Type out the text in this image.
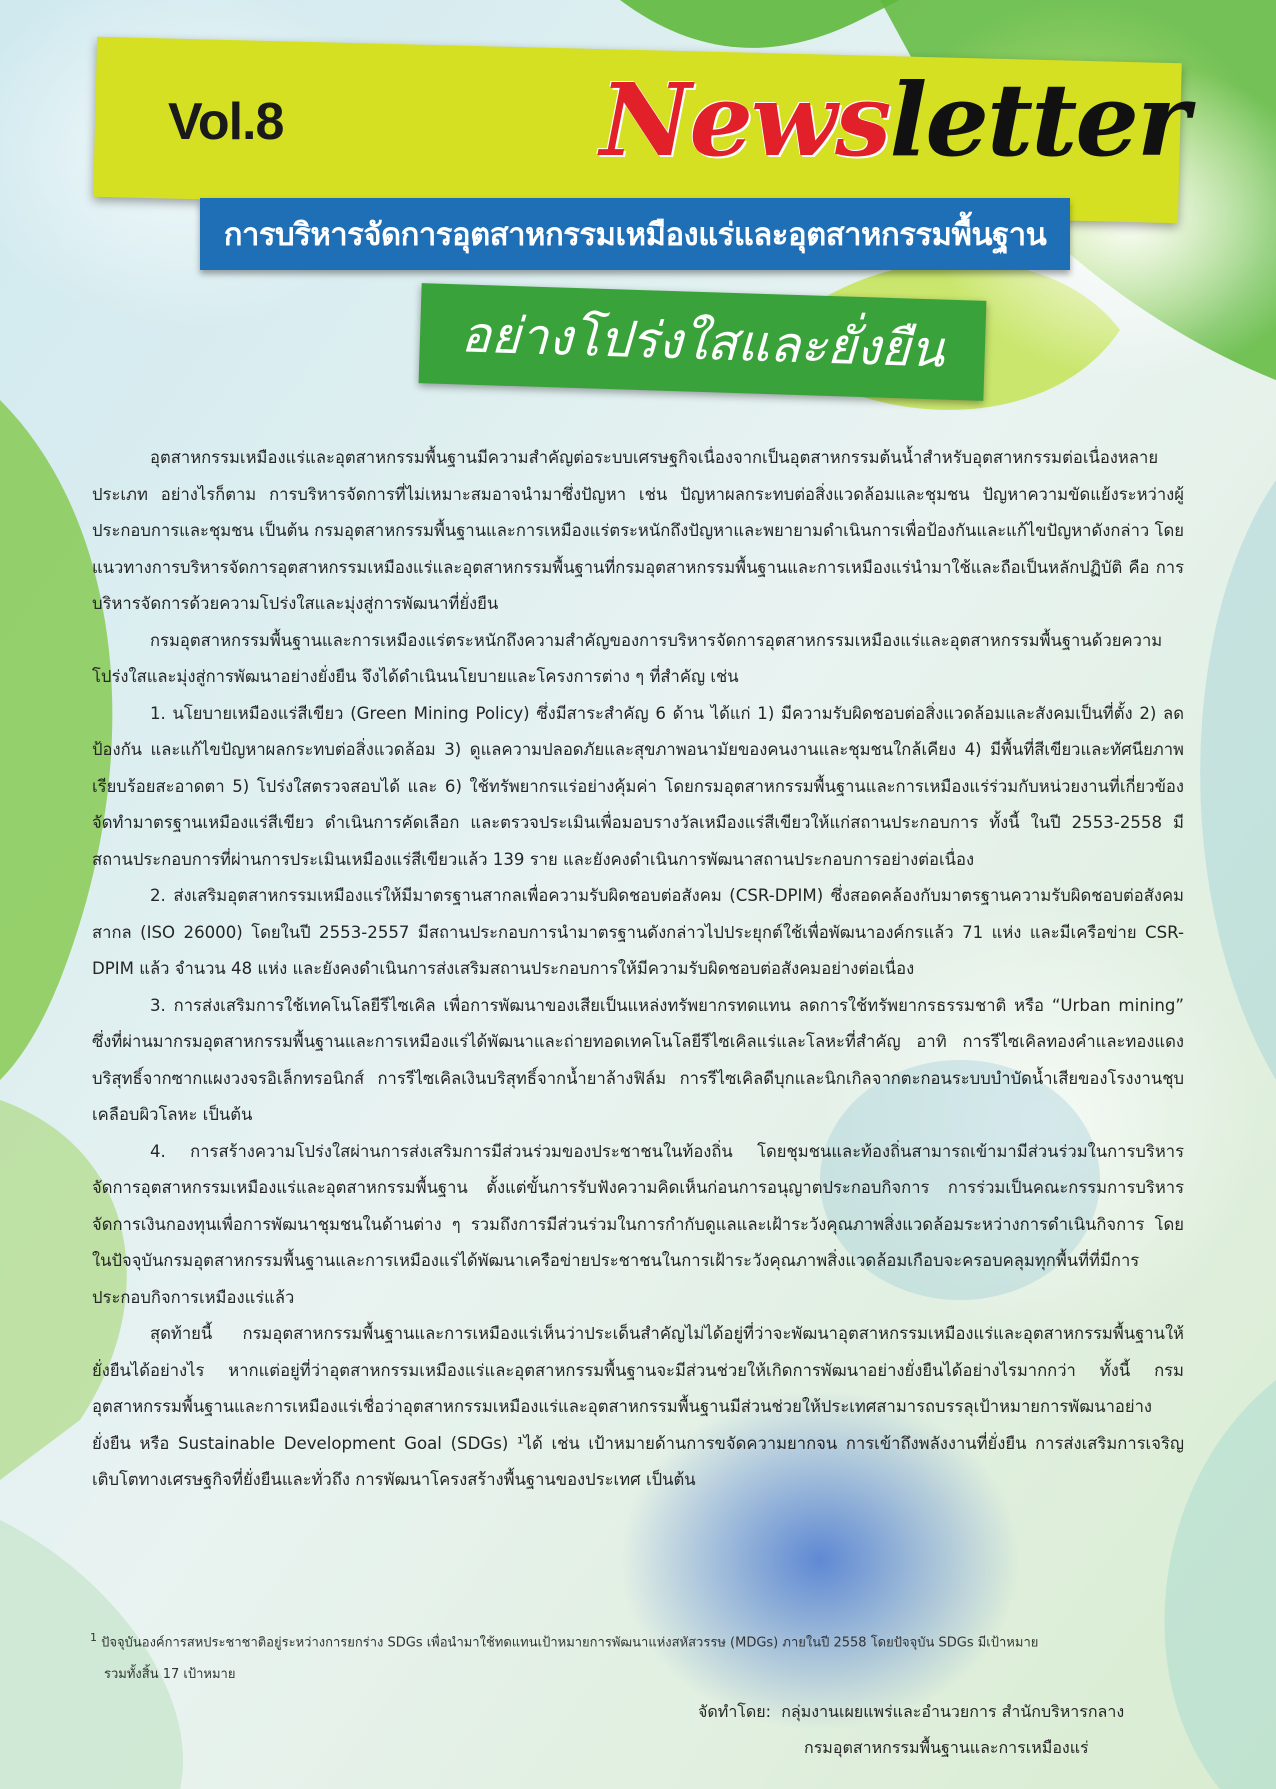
Vol.8	Newsletter
การบริหารจัดการอุตสาหกรรมเหมืองแร่และอุตสาหกรรมพื้นฐาน
อย่างโปร่งใสและยั่งยืน

อุตสาหกรรมเหมืองแร่และอุตสาหกรรมพื้นฐานมีความสำคัญต่อระบบเศรษฐกิจเนื่องจากเป็นอุตสาหกรรมต้นน้ำสำหรับอุตสาหกรรมต่อเนื่องหลายประเภท อย่างไรก็ตาม การบริหารจัดการที่ไม่เหมาะสมอาจนำมาซึ่งปัญหา เช่น ปัญหาผลกระทบต่อสิ่งแวดล้อมและชุมชน ปัญหาความขัดแย้งระหว่างผู้ประกอบการและชุมชน เป็นต้น กรมอุตสาหกรรมพื้นฐานและการเหมืองแร่ตระหนักถึงปัญหาและพยายามดำเนินการเพื่อป้องกันและแก้ไขปัญหาดังกล่าว โดยแนวทางการบริหารจัดการอุตสาหกรรมเหมืองแร่และอุตสาหกรรมพื้นฐานที่กรมอุตสาหกรรมพื้นฐานและการเหมืองแร่นำมาใช้และถือเป็นหลักปฏิบัติ คือ การบริหารจัดการด้วยความโปร่งใสและมุ่งสู่การพัฒนาที่ยั่งยืน

กรมอุตสาหกรรมพื้นฐานและการเหมืองแร่ตระหนักถึงความสำคัญของการบริหารจัดการอุตสาหกรรมเหมืองแร่และอุตสาหกรรมพื้นฐานด้วยความโปร่งใสและมุ่งสู่การพัฒนาอย่างยั่งยืน จึงได้ดำเนินนโยบายและโครงการต่าง ๆ ที่สำคัญ เช่น

1. นโยบายเหมืองแร่สีเขียว (Green Mining Policy) ซึ่งมีสาระสำคัญ 6 ด้าน ได้แก่ 1) มีความรับผิดชอบต่อสิ่งแวดล้อมและสังคมเป็นที่ตั้ง 2) ลด ป้องกัน และแก้ไขปัญหาผลกระทบต่อสิ่งแวดล้อม 3) ดูแลความปลอดภัยและสุขภาพอนามัยของคนงานและชุมชนใกล้เคียง 4) มีพื้นที่สีเขียวและทัศนียภาพเรียบร้อยสะอาดตา 5) โปร่งใสตรวจสอบได้ และ 6) ใช้ทรัพยากรแร่อย่างคุ้มค่า โดยกรมอุตสาหกรรมพื้นฐานและการเหมืองแร่ร่วมกับหน่วยงานที่เกี่ยวข้องจัดทำมาตรฐานเหมืองแร่สีเขียว ดำเนินการคัดเลือก และตรวจประเมินเพื่อมอบรางวัลเหมืองแร่สีเขียวให้แก่สถานประกอบการ ทั้งนี้ ในปี 2553-2558 มีสถานประกอบการที่ผ่านการประเมินเหมืองแร่สีเขียวแล้ว 139 ราย และยังคงดำเนินการพัฒนาสถานประกอบการอย่างต่อเนื่อง

2. ส่งเสริมอุตสาหกรรมเหมืองแร่ให้มีมาตรฐานสากลเพื่อความรับผิดชอบต่อสังคม (CSR-DPIM) ซึ่งสอดคล้องกับมาตรฐานความรับผิดชอบต่อสังคมสากล (ISO 26000) โดยในปี 2553-2557 มีสถานประกอบการนำมาตรฐานดังกล่าวไปประยุกต์ใช้เพื่อพัฒนาองค์กรแล้ว 71 แห่ง และมีเครือข่าย CSR-DPIM แล้ว จำนวน 48 แห่ง และยังคงดำเนินการส่งเสริมสถานประกอบการให้มีความรับผิดชอบต่อสังคมอย่างต่อเนื่อง

3. การส่งเสริมการใช้เทคโนโลยีรีไซเคิล เพื่อการพัฒนาของเสียเป็นแหล่งทรัพยากรทดแทน ลดการใช้ทรัพยากรธรรมชาติ หรือ “Urban mining” ซึ่งที่ผ่านมากรมอุตสาหกรรมพื้นฐานและการเหมืองแร่ได้พัฒนาและถ่ายทอดเทคโนโลยีรีไซเคิลแร่และโลหะที่สำคัญ อาทิ การรีไซเคิลทองคำและทองแดงบริสุทธิ์จากซากแผงวงจรอิเล็กทรอนิกส์ การรีไซเคิลเงินบริสุทธิ์จากน้ำยาล้างฟิล์ม การรีไซเคิลดีบุกและนิกเกิลจากตะกอนระบบบำบัดน้ำเสียของโรงงานชุบเคลือบผิวโลหะ เป็นต้น

4. การสร้างความโปร่งใสผ่านการส่งเสริมการมีส่วนร่วมของประชาชนในท้องถิ่น โดยชุมชนและท้องถิ่นสามารถเข้ามามีส่วนร่วมในการบริหารจัดการอุตสาหกรรมเหมืองแร่และอุตสาหกรรมพื้นฐาน ตั้งแต่ขั้นการรับฟังความคิดเห็นก่อนการอนุญาตประกอบกิจการ การร่วมเป็นคณะกรรมการบริหารจัดการเงินกองทุนเพื่อการพัฒนาชุมชนในด้านต่าง ๆ รวมถึงการมีส่วนร่วมในการกำกับดูแลและเฝ้าระวังคุณภาพสิ่งแวดล้อมระหว่างการดำเนินกิจการ โดยในปัจจุบันกรมอุตสาหกรรมพื้นฐานและการเหมืองแร่ได้พัฒนาเครือข่ายประชาชนในการเฝ้าระวังคุณภาพสิ่งแวดล้อมเกือบจะครอบคลุมทุกพื้นที่ที่มีการประกอบกิจการเหมืองแร่แล้ว

สุดท้ายนี้ กรมอุตสาหกรรมพื้นฐานและการเหมืองแร่เห็นว่าประเด็นสำคัญไม่ได้อยู่ที่ว่าจะพัฒนาอุตสาหกรรมเหมืองแร่และอุตสาหกรรมพื้นฐานให้ยั่งยืนได้อย่างไร หากแต่อยู่ที่ว่าอุตสาหกรรมเหมืองแร่และอุตสาหกรรมพื้นฐานจะมีส่วนช่วยให้เกิดการพัฒนาอย่างยั่งยืนได้อย่างไรมากกว่า ทั้งนี้ กรมอุตสาหกรรมพื้นฐานและการเหมืองแร่เชื่อว่าอุตสาหกรรมเหมืองแร่และอุตสาหกรรมพื้นฐานมีส่วนช่วยให้ประเทศสามารถบรรลุเป้าหมายการพัฒนาอย่างยั่งยืน หรือ Sustainable Development Goal (SDGs) ¹ได้ เช่น เป้าหมายด้านการขจัดความยากจน การเข้าถึงพลังงานที่ยั่งยืน การส่งเสริมการเจริญเติบโตทางเศรษฐกิจที่ยั่งยืนและทั่วถึง การพัฒนาโครงสร้างพื้นฐานของประเทศ เป็นต้น

$^1$ ปัจจุบันองค์การสหประชาชาติอยู่ระหว่างการยกร่าง SDGs เพื่อนำมาใช้ทดแทนเป้าหมายการพัฒนาแห่งสหัสวรรษ (MDGs) ภายในปี 2558 โดยปัจจุบัน SDGs มีเป้าหมาย
รวมทั้งสิ้น 17 เป้าหมาย
จัดทำโดย: กลุ่มงานเผยแพร่และอำนวยการ สำนักบริหารกลาง
กรมอุตสาหกรรมพื้นฐานและการเหมืองแร่
